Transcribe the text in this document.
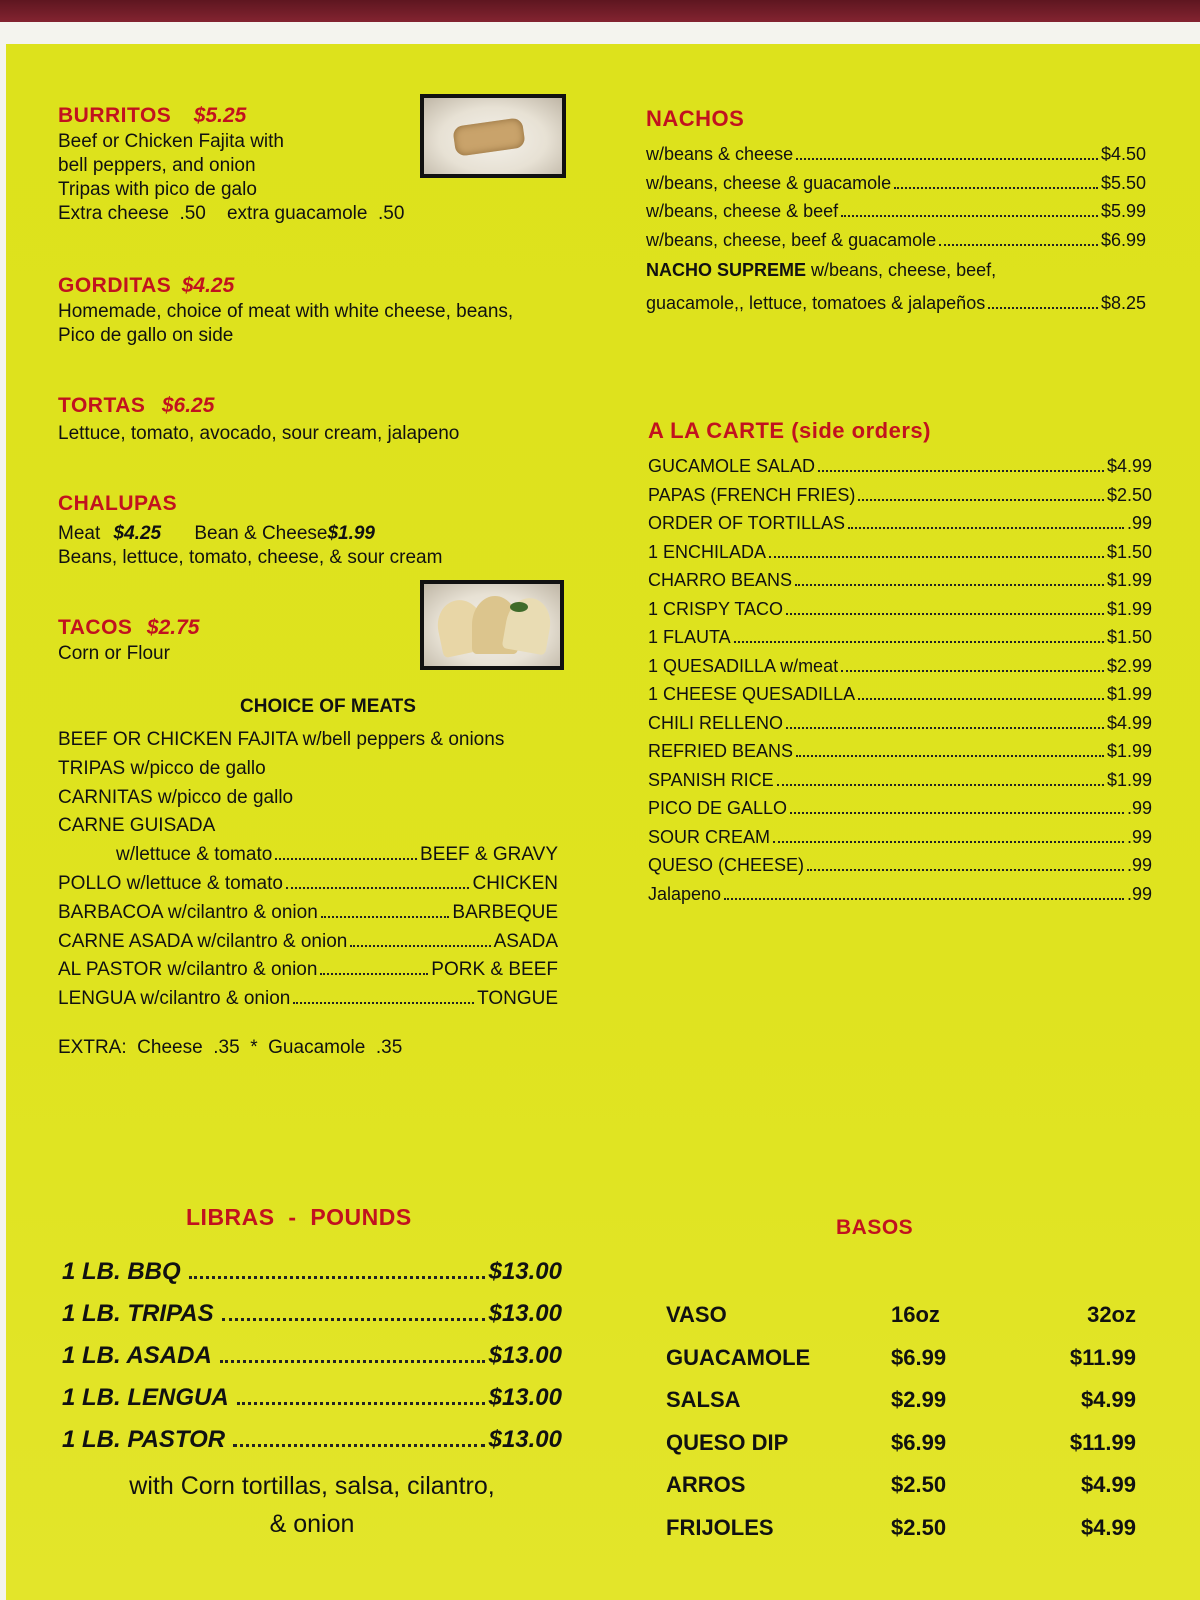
BURRITOS $5.25
Beef or Chicken Fajita with
bell peppers, and onion
Tripas with pico de galo
Extra cheese  .50    extra guacamole  .50
GORDITAS $4.25
Homemade, choice of meat with white cheese, beans,
Pico de gallo on side
TORTAS $6.25
Lettuce, tomato, avocado, sour cream, jalapeno
CHALUPAS
Meat $4.25 Bean & Cheese$1.99
Beans, lettuce, tomato, cheese, & sour cream
TACOS $2.75
Corn or Flour
CHOICE OF MEATS
BEEF OR CHICKEN FAJITA w/bell peppers & onions
TRIPAS w/picco de gallo
CARNITAS w/picco de gallo
CARNE GUISADA
w/lettuce & tomato	BEEF & GRAVY
POLLO w/lettuce & tomato	CHICKEN
BARBACOA w/cilantro & onion	BARBEQUE
CARNE ASADA w/cilantro & onion	ASADA
AL PASTOR w/cilantro & onion	PORK & BEEF
LENGUA w/cilantro & onion	TONGUE
EXTRA:  Cheese  .35  *  Guacamole  .35
NACHOS
w/beans & cheese	$4.50
w/beans, cheese & guacamole	$5.50
w/beans, cheese & beef	$5.99
w/beans, cheese, beef & guacamole	$6.99
NACHO SUPREME w/beans, cheese, beef,
guacamole,, lettuce, tomatoes & jalapeños	$8.25
A LA CARTE (side orders)
GUCAMOLE SALAD	$4.99
PAPAS (FRENCH FRIES)	$2.50
ORDER OF TORTILLAS	.99
1 ENCHILADA	$1.50
CHARRO BEANS	$1.99
1 CRISPY TACO	$1.99
1 FLAUTA	$1.50
1 QUESADILLA w/meat	$2.99
1 CHEESE QUESADILLA	$1.99
CHILI RELLENO	$4.99
REFRIED BEANS	$1.99
SPANISH RICE	$1.99
PICO DE GALLO	.99
SOUR CREAM	.99
QUESO (CHEESE)	.99
Jalapeno	.99
LIBRAS  -  POUNDS
1 LB. BBQ	$13.00
1 LB. TRIPAS	$13.00
1 LB. ASADA	$13.00
1 LB. LENGUA	$13.00
1 LB. PASTOR	$13.00
with Corn tortillas, salsa, cilantro,
& onion
BASOS
VASO	16oz	32oz
GUACAMOLE	$6.99	$11.99
SALSA	$2.99	$4.99
QUESO DIP	$6.99	$11.99
ARROS	$2.50	$4.99
FRIJOLES	$2.50	$4.99
